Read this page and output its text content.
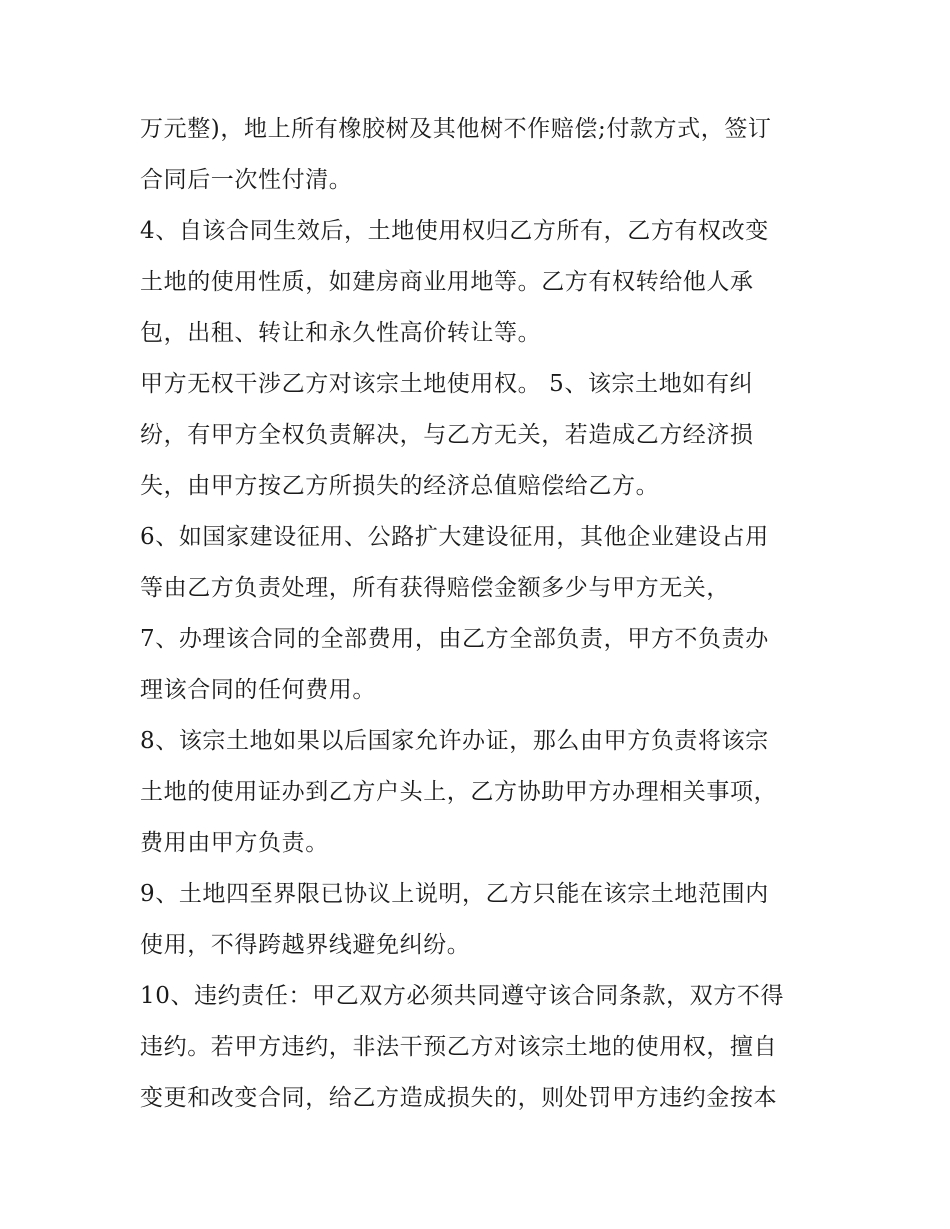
万元整)，地上所有橡胶树及其他树不作赔偿;付款方式，签订
合同后一次性付清。
4、自该合同生效后，土地使用权归乙方所有，乙方有权改变
土地的使用性质，如建房商业用地等。乙方有权转给他人承
包，出租、转让和永久性高价转让等。
甲方无权干涉乙方对该宗土地使用权。 5、该宗土地如有纠
纷，有甲方全权负责解决，与乙方无关，若造成乙方经济损
失，由甲方按乙方所损失的经济总值赔偿给乙方。
6、如国家建设征用、公路扩大建设征用，其他企业建设占用
等由乙方负责处理，所有获得赔偿金额多少与甲方无关，
7、办理该合同的全部费用，由乙方全部负责，甲方不负责办
理该合同的任何费用。
8、该宗土地如果以后国家允许办证，那么由甲方负责将该宗
土地的使用证办到乙方户头上，乙方协助甲方办理相关事项，
费用由甲方负责。
9、土地四至界限已协议上说明，乙方只能在该宗土地范围内
使用，不得跨越界线避免纠纷。
10、违约责任：甲乙双方必须共同遵守该合同条款，双方不得
违约。若甲方违约，非法干预乙方对该宗土地的使用权，擅自
变更和改变合同，给乙方造成损失的，则处罚甲方违约金按本
